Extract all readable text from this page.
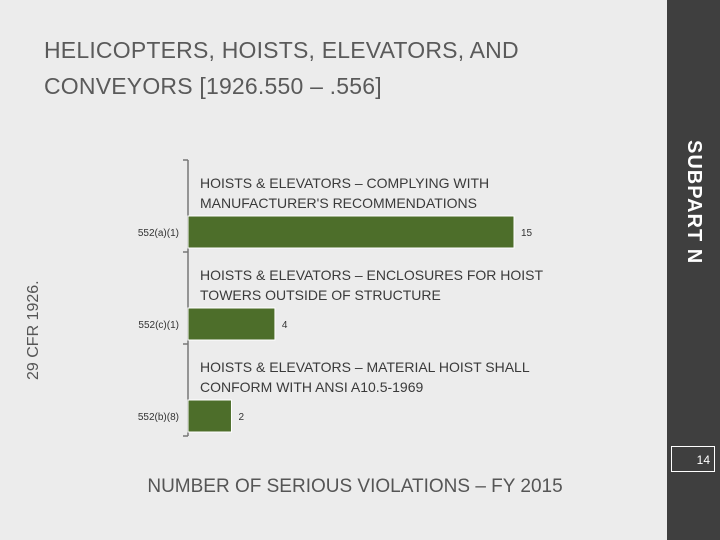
HELICOPTERS, HOISTS, ELEVATORS, AND CONVEYORS [1926.550 – .556]
29 CFR 1926.
HOISTS & ELEVATORS – COMPLYING WITH MANUFACTURER'S RECOMMENDATIONS
552(a)(1)	15
HOISTS & ELEVATORS – ENCLOSURES FOR HOIST TOWERS OUTSIDE OF STRUCTURE
552(c)(1)	4
HOISTS & ELEVATORS – MATERIAL HOIST SHALL CONFORM WITH ANSI A10.5-1969
552(b)(8)	2
NUMBER OF SERIOUS VIOLATIONS – FY 2015
SUBPART N
14
